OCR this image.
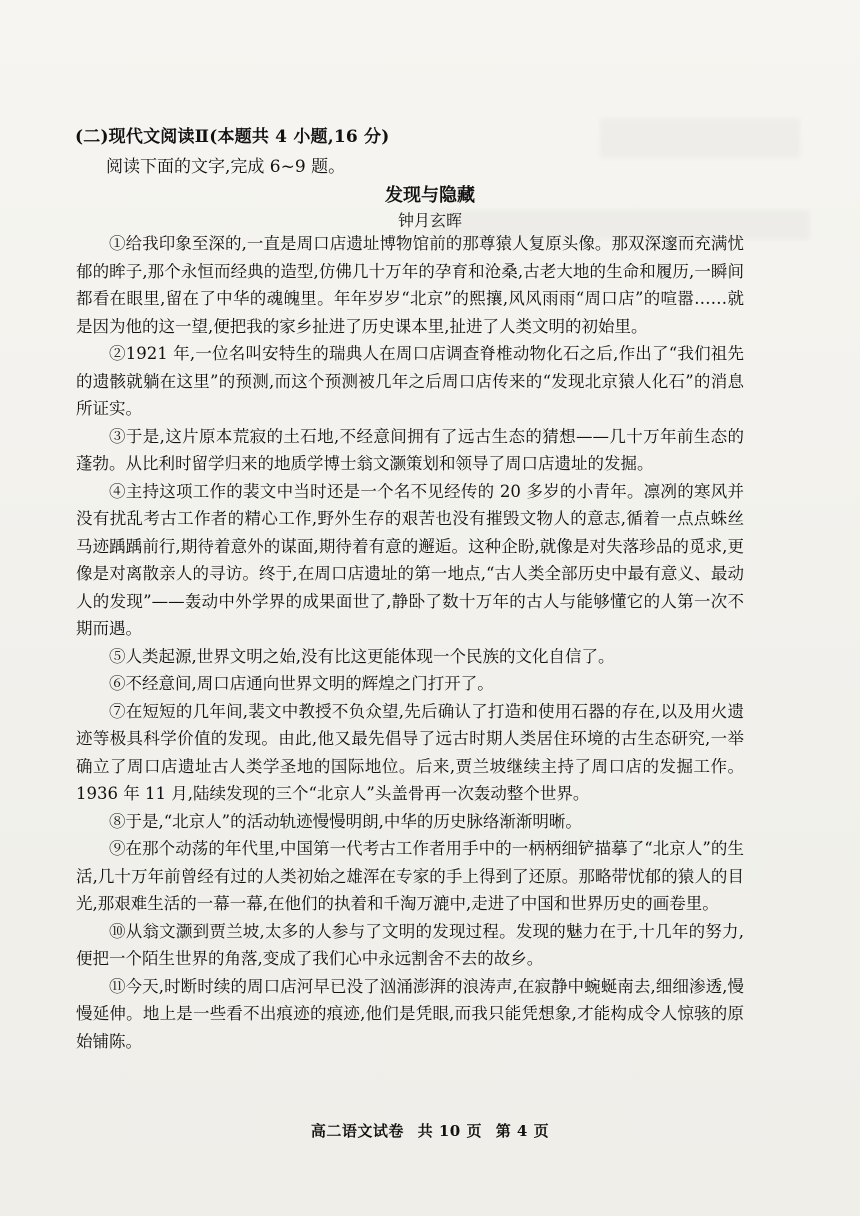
(二)现代文阅读Ⅱ(本题共 4 小题,16 分)
阅读下面的文字,完成 6~9 题。
发现与隐藏
钟月玄晖

①给我印象至深的,一直是周口店遗址博物馆前的那尊猿人复原头像。那双深邃而充满忧郁的眸子,那个永恒而经典的造型,仿佛几十万年的孕育和沧桑,古老大地的生命和履历,一瞬间都看在眼里,留在了中华的魂魄里。年年岁岁“北京”的熙攘,风风雨雨“周口店”的喧嚣……就是因为他的这一望,便把我的家乡扯进了历史课本里,扯进了人类文明的初始里。

②1921 年,一位名叫安特生的瑞典人在周口店调查脊椎动物化石之后,作出了“我们祖先的遗骸就躺在这里”的预测,而这个预测被几年之后周口店传来的“发现北京猿人化石”的消息所证实。

③于是,这片原本荒寂的土石地,不经意间拥有了远古生态的猜想——几十万年前生态的蓬勃。从比利时留学归来的地质学博士翁文灏策划和领导了周口店遗址的发掘。

④主持这项工作的裴文中当时还是一个名不见经传的 20 多岁的小青年。凛冽的寒风并没有扰乱考古工作者的精心工作,野外生存的艰苦也没有摧毁文物人的意志,循着一点点蛛丝马迹踽踽前行,期待着意外的谋面,期待着有意的邂逅。这种企盼,就像是对失落珍品的觅求,更像是对离散亲人的寻访。终于,在周口店遗址的第一地点,“古人类全部历史中最有意义、最动人的发现”——轰动中外学界的成果面世了,静卧了数十万年的古人与能够懂它的人第一次不期而遇。

⑤人类起源,世界文明之始,没有比这更能体现一个民族的文化自信了。

⑥不经意间,周口店通向世界文明的辉煌之门打开了。

⑦在短短的几年间,裴文中教授不负众望,先后确认了打造和使用石器的存在,以及用火遗迹等极具科学价值的发现。由此,他又最先倡导了远古时期人类居住环境的古生态研究,一举确立了周口店遗址古人类学圣地的国际地位。后来,贾兰坡继续主持了周口店的发掘工作。1936 年 11 月,陆续发现的三个“北京人”头盖骨再一次轰动整个世界。

⑧于是,“北京人”的活动轨迹慢慢明朗,中华的历史脉络渐渐明晰。

⑨在那个动荡的年代里,中国第一代考古工作者用手中的一柄柄细铲描摹了“北京人”的生活,几十万年前曾经有过的人类初始之雄浑在专家的手上得到了还原。那略带忧郁的猿人的目光,那艰难生活的一幕一幕,在他们的执着和千淘万漉中,走进了中国和世界历史的画卷里。

⑩从翁文灏到贾兰坡,太多的人参与了文明的发现过程。发现的魅力在于,十几年的努力,便把一个陌生世界的角落,变成了我们心中永远割舍不去的故乡。

⑪今天,时断时续的周口店河早已没了汹涌澎湃的浪涛声,在寂静中蜿蜒南去,细细渗透,慢慢延伸。地上是一些看不出痕迹的痕迹,他们是凭眼,而我只能凭想象,才能构成令人惊骇的原始铺陈。

高二语文试卷 共 10 页 第 4 页
